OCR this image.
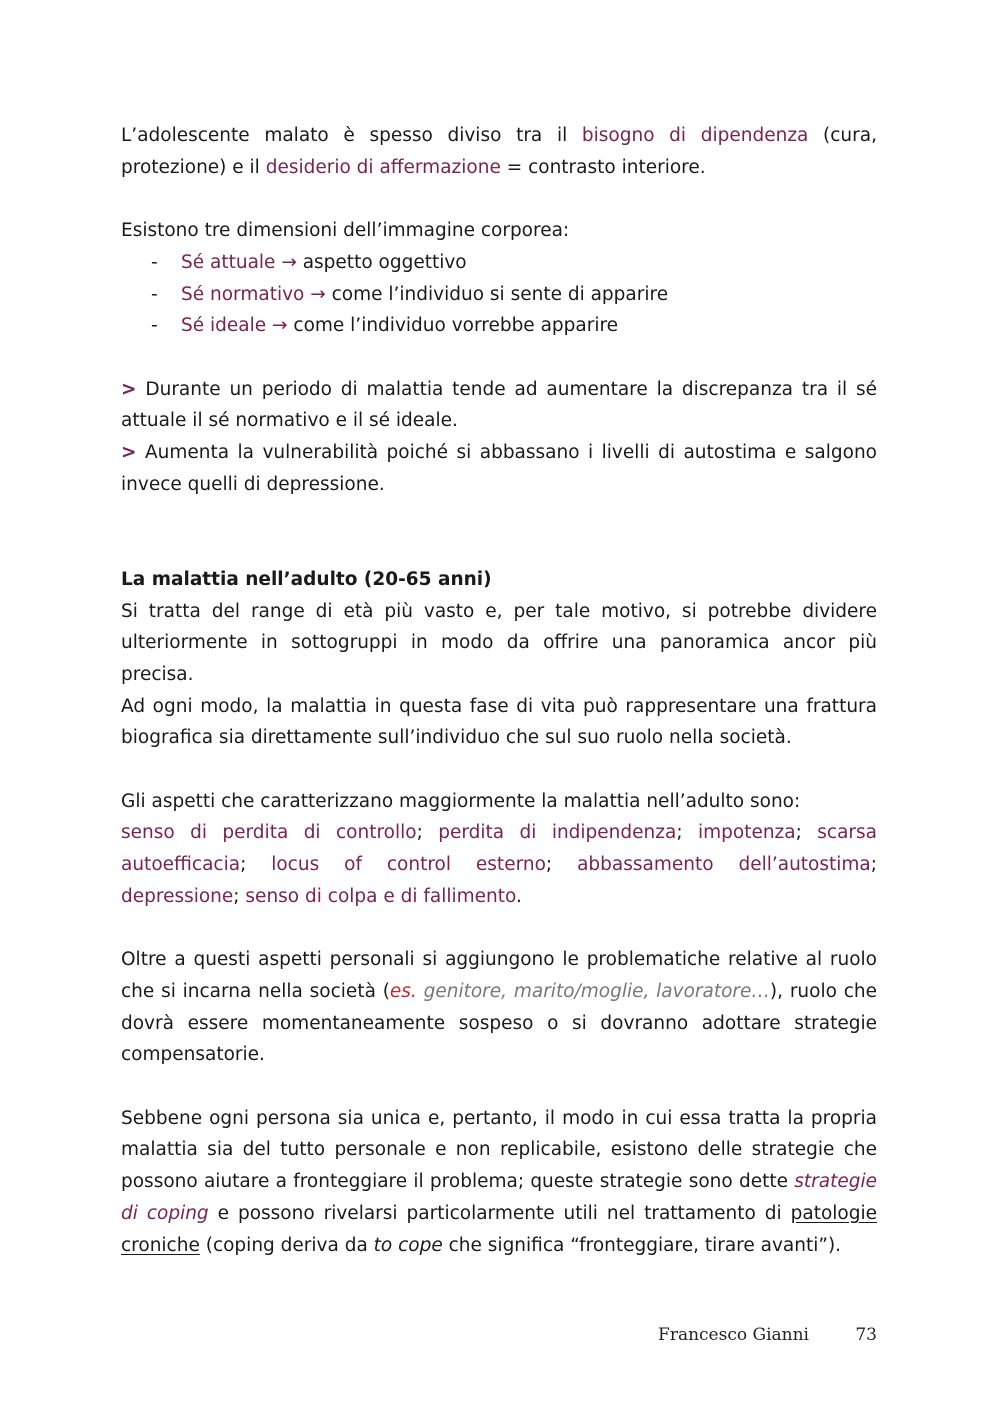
L’adolescente malato è spesso diviso tra il bisogno di dipendenza (cura, protezione) e il desiderio di affermazione = contrasto interiore.

Esistono tre dimensioni dell’immagine corporea:

- Sé attuale → aspetto oggettivo
- Sé normativo → come l’individuo si sente di apparire
- Sé ideale → come l’individuo vorrebbe apparire

> Durante un periodo di malattia tende ad aumentare la discrepanza tra il sé attuale il sé normativo e il sé ideale.

> Aumenta la vulnerabilità poiché si abbassano i livelli di autostima e salgono invece quelli di depressione.

La malattia nell’adulto (20-65 anni)

Si tratta del range di età più vasto e, per tale motivo, si potrebbe dividere ulteriormente in sottogruppi in modo da offrire una panoramica ancor più precisa.

Ad ogni modo, la malattia in questa fase di vita può rappresentare una frattura biografica sia direttamente sull’individuo che sul suo ruolo nella società.

Gli aspetti che caratterizzano maggiormente la malattia nell’adulto sono:

senso di perdita di controllo; perdita di indipendenza; impotenza; scarsa autoefficacia; locus of control esterno; abbassamento dell’autostima; depressione; senso di colpa e di fallimento.

Oltre a questi aspetti personali si aggiungono le problematiche relative al ruolo che si incarna nella società (es. genitore, marito/moglie, lavoratore…), ruolo che dovrà essere momentaneamente sospeso o si dovranno adottare strategie compensatorie.

Sebbene ogni persona sia unica e, pertanto, il modo in cui essa tratta la propria malattia sia del tutto personale e non replicabile, esistono delle strategie che possono aiutare a fronteggiare il problema; queste strategie sono dette strategie di coping e possono rivelarsi particolarmente utili nel trattamento di patologie croniche (coping deriva da to cope che significa “fronteggiare, tirare avanti”).

Francesco Gianni	73
